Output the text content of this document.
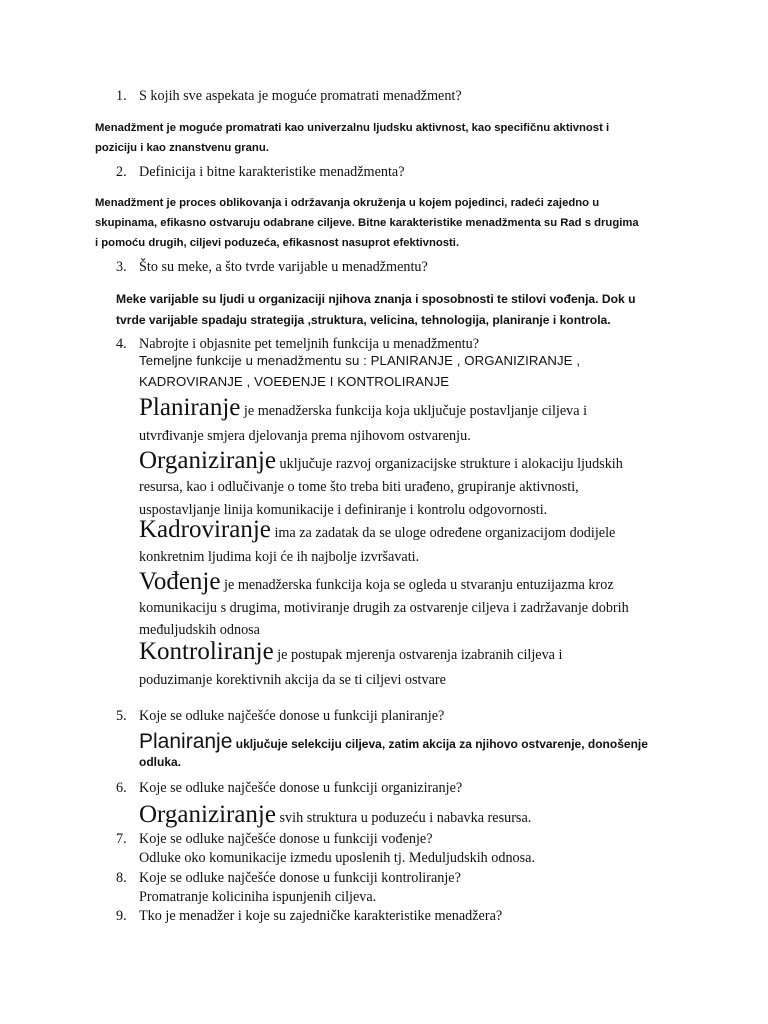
1. S kojih sve aspekata je moguće promatrati menadžment?
Menadžment je moguće promatrati kao univerzalnu ljudsku aktivnost, kao specifičnu aktivnost i
poziciju i kao znanstvenu granu.
2. Definicija i bitne karakteristike menadžmenta?
Menadžment je proces oblikovanja i održavanja okruženja u kojem pojedinci, radeći zajedno u
skupinama, efikasno ostvaruju odabrane ciljeve. Bitne karakteristike menadžmenta su Rad s drugima
i pomoću drugih, ciljevi poduzeća, efikasnost nasuprot efektivnosti.
3. Što su meke, a što tvrde varijable u menadžmentu?
Meke varijable su ljudi u organizaciji njihova znanja i sposobnosti te stilovi vođenja. Dok u
tvrde varijable spadaju strategija ,struktura, velicina, tehnologija, planiranje i kontrola.
4. Nabrojte i objasnite pet temeljnih funkcija u menadžmentu?
Temeljne funkcije u menadžmentu su : PLANIRANJE , ORGANIZIRANJE ,
KADROVIRANJE , VOEĐENJE I KONTROLIRANJE
Planiranje je menadžerska funkcija koja uključuje postavljanje ciljeva i
utvrđivanje smjera djelovanja prema njihovom ostvarenju.
Organiziranje uključuje razvoj organizacijske strukture i alokaciju ljudskih
resursa, kao i odlučivanje o tome što treba biti urađeno, grupiranje aktivnosti,
uspostavljanje linija komunikacije i definiranje i kontrolu odgovornosti.
Kadroviranje ima za zadatak da se uloge određene organizacijom dodijele
konkretnim ljudima koji će ih najbolje izvršavati.
Vođenje je menadžerska funkcija koja se ogleda u stvaranju entuzijazma kroz
komunikaciju s drugima, motiviranje drugih za ostvarenje ciljeva i zadržavanje dobrih
međuljudskih odnosa
Kontroliranje je postupak mjerenja ostvarenja izabranih ciljeva i
poduzimanje korektivnih akcija da se ti ciljevi ostvare
5. Koje se odluke najčešće donose u funkciji planiranje?
Planiranje uključuje selekciju ciljeva, zatim akcija za njihovo ostvarenje, donošenje
odluka.
6. Koje se odluke najčešće donose u funkciji organiziranje?
Organiziranje svih struktura u poduzeću i nabavka resursa.
7. Koje se odluke najčešće donose u funkciji vođenje?
Odluke oko komunikacije izmedu uposlenih tj. Meduljudskih odnosa.
8. Koje se odluke najčešće donose u funkciji kontroliranje?
Promatranje koliciniha ispunjenih ciljeva.
9. Tko je menadžer i koje su zajedničke karakteristike menadžera?
